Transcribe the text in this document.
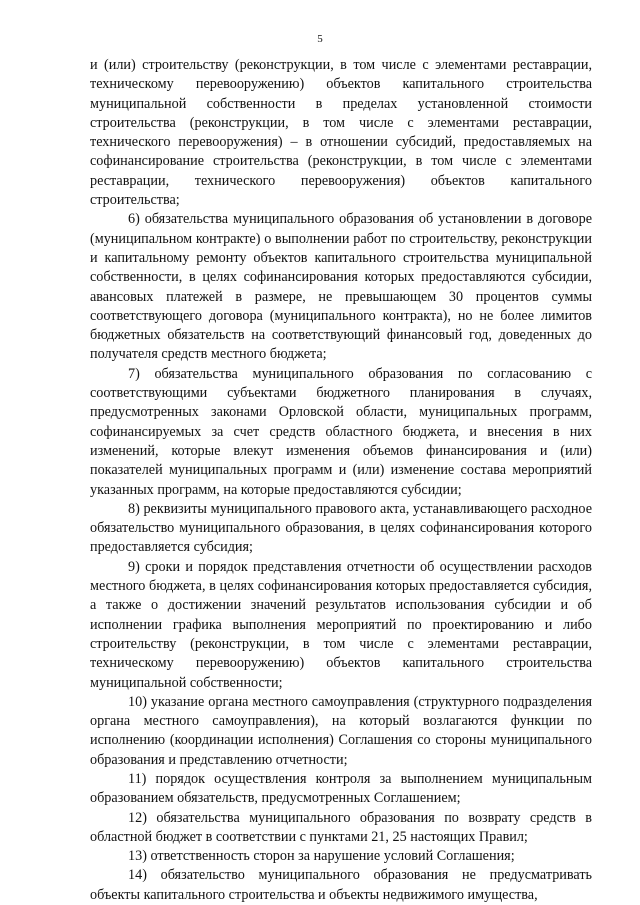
5

и (или) строительству (реконструкции, в том числе с элементами реставрации, техническому перевооружению) объектов капитального строительства муниципальной собственности в пределах установленной стоимости строительства (реконструкции, в том числе с элементами реставрации, технического перевооружения) – в отношении субсидий, предоставляемых на софинансирование строительства (реконструкции, в том числе с элементами реставрации, технического перевооружения) объектов капитального строительства;

6) обязательства муниципального образования об установлении в договоре (муниципальном контракте) о выполнении работ по строительству, реконструкции и капитальному ремонту объектов капитального строительства муниципальной собственности, в целях софинансирования которых предоставляются субсидии, авансовых платежей в размере, не превышающем 30 процентов суммы соответствующего договора (муниципального контракта), но не более лимитов бюджетных обязательств на соответствующий финансовый год, доведенных до получателя средств местного бюджета;

7) обязательства муниципального образования по согласованию с соответствующими субъектами бюджетного планирования в случаях, предусмотренных законами Орловской области, муниципальных программ, софинансируемых за счет средств областного бюджета, и внесения в них изменений, которые влекут изменения объемов финансирования и (или) показателей муниципальных программ и (или) изменение состава мероприятий указанных программ, на которые предоставляются субсидии;

8) реквизиты муниципального правового акта, устанавливающего расходное обязательство муниципального образования, в целях софинансирования которого предоставляется субсидия;

9) сроки и порядок представления отчетности об осуществлении расходов местного бюджета, в целях софинансирования которых предоставляется субсидия, а также о достижении значений результатов использования субсидии и об исполнении графика выполнения мероприятий по проектированию и либо строительству (реконструкции, в том числе с элементами реставрации, техническому перевооружению) объектов капитального строительства муниципальной собственности;

10) указание органа местного самоуправления (структурного подразделения органа местного самоуправления), на который возлагаются функции по исполнению (координации исполнения) Соглашения со стороны муниципального образования и представлению отчетности;

11) порядок осуществления контроля за выполнением муниципальным образованием обязательств, предусмотренных Соглашением;

12) обязательства муниципального образования по возврату средств в областной бюджет в соответствии с пунктами 21, 25 настоящих Правил;

13) ответственность сторон за нарушение условий Соглашения;

14) обязательство муниципального образования не предусматривать объекты капитального строительства и объекты недвижимого имущества,
